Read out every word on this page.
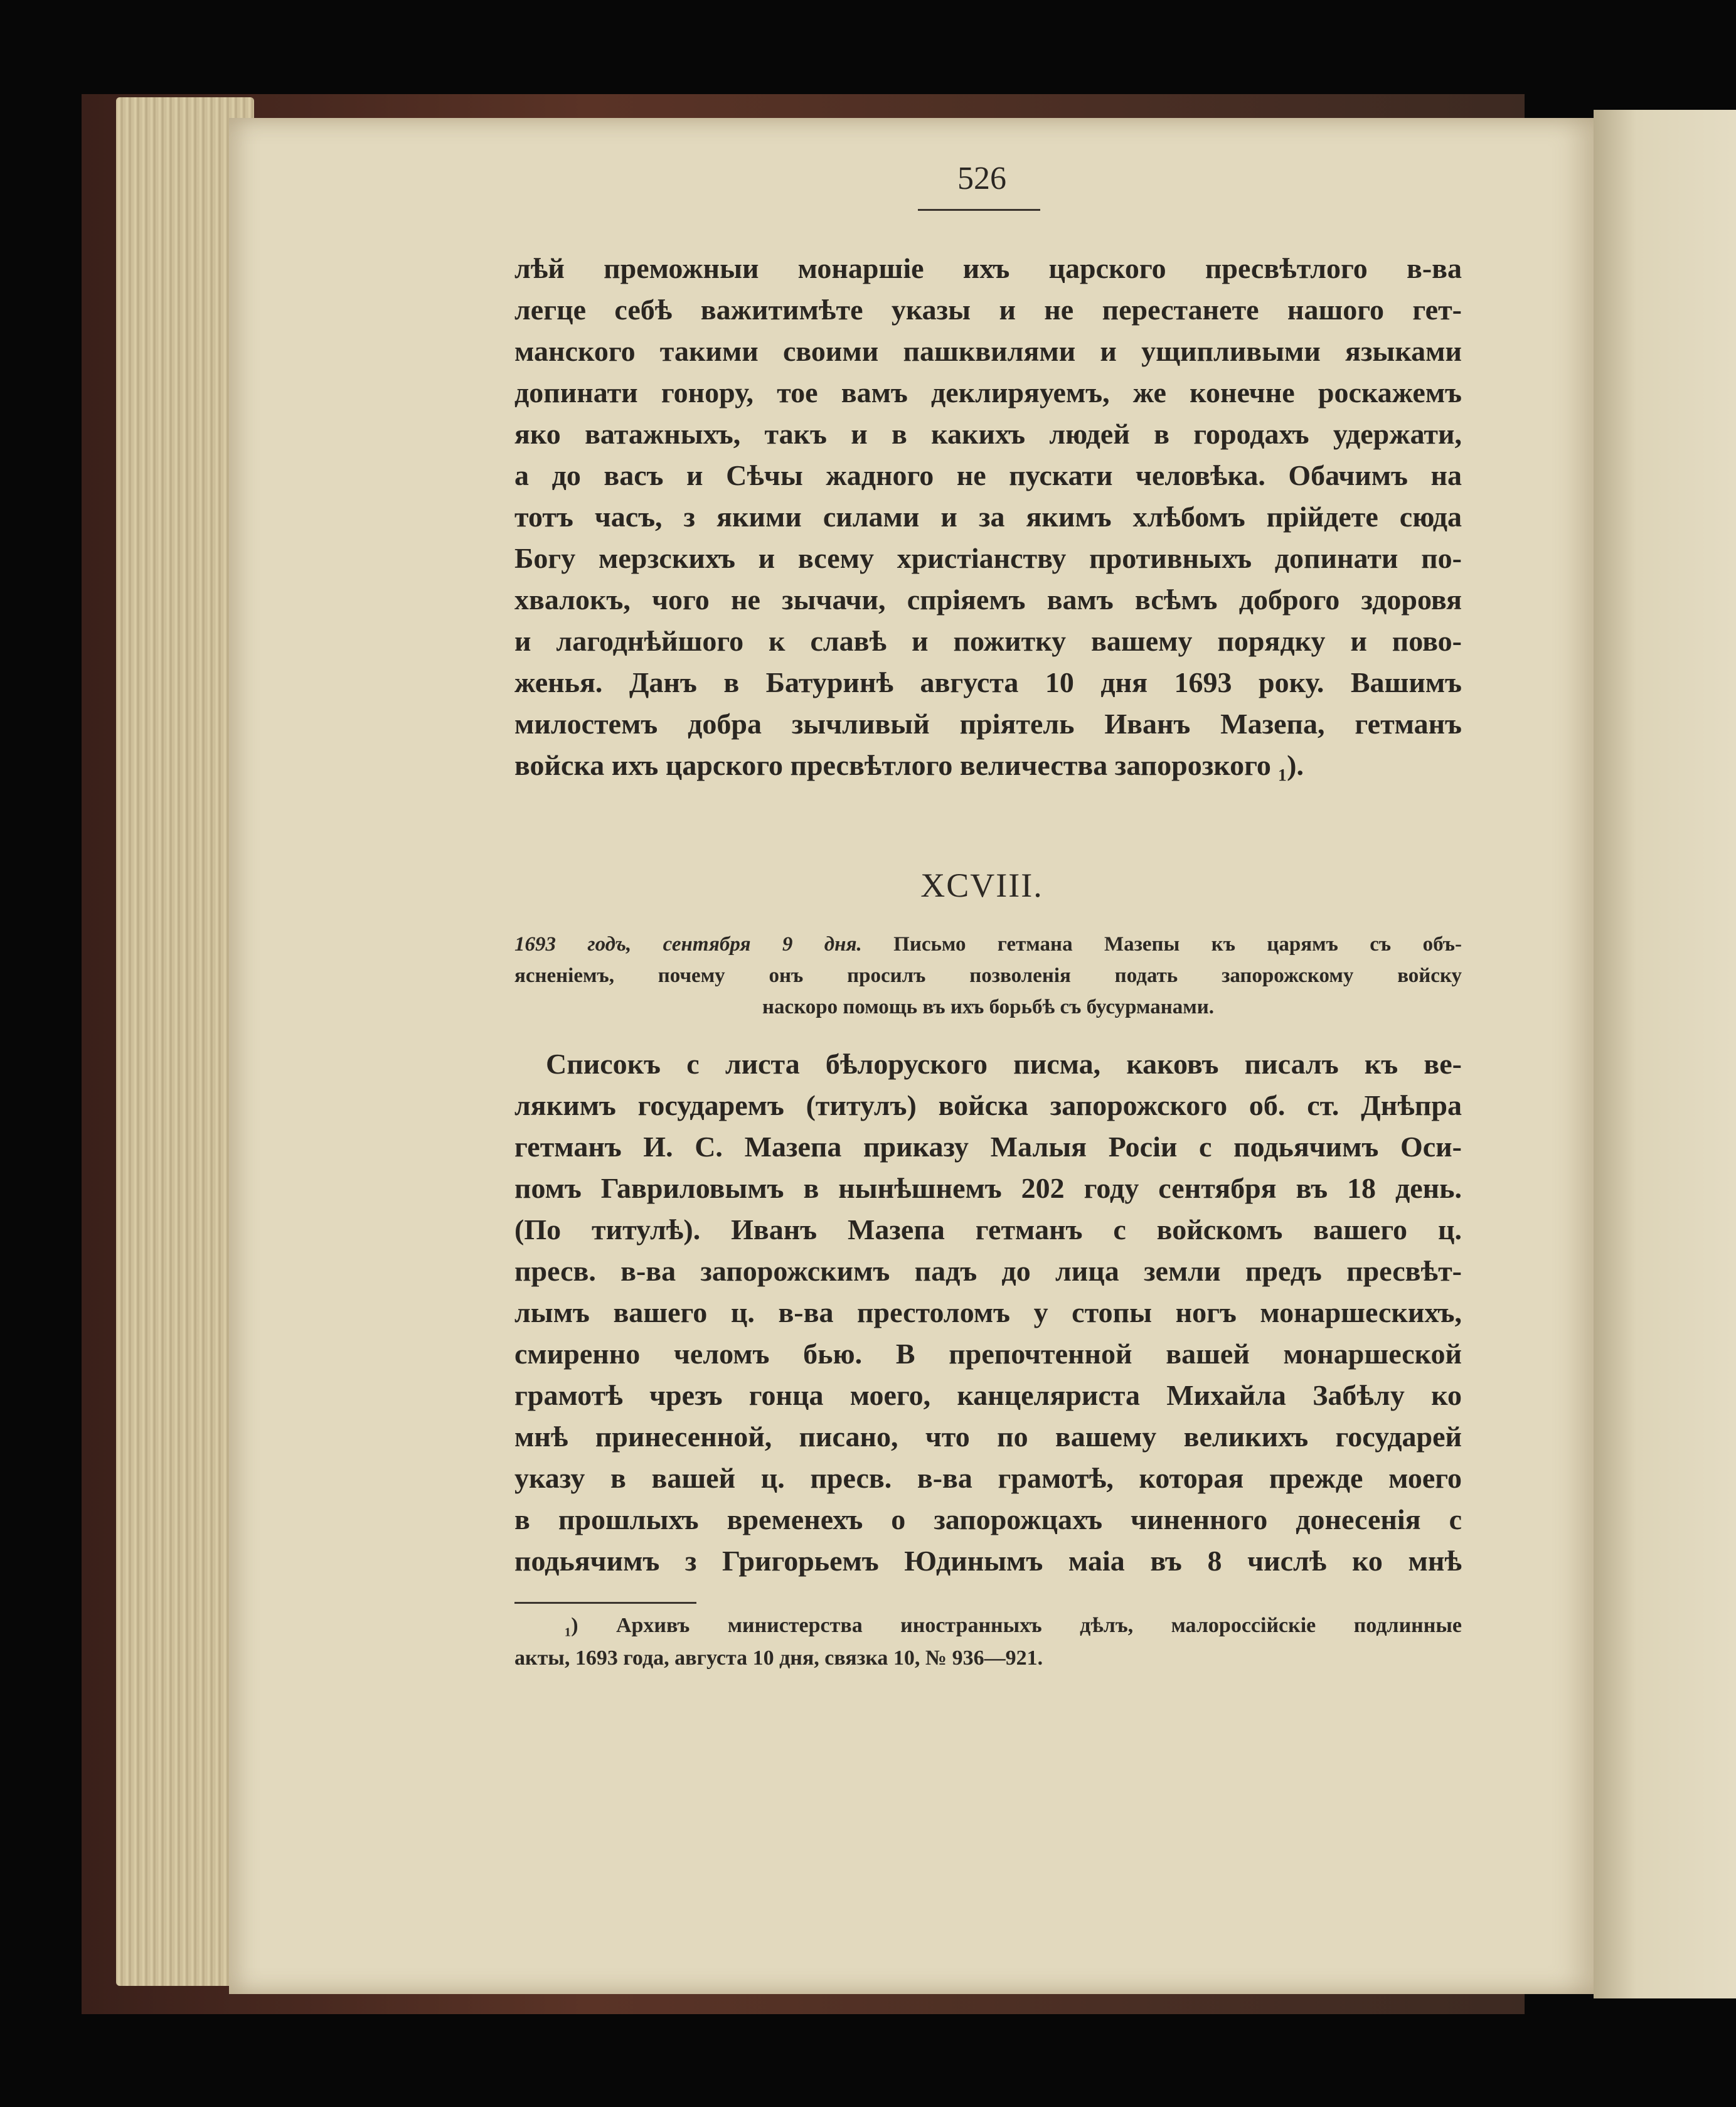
526
лѣй преможныи монаршіе ихъ царского пресвѣтлого в-ва
легце себѣ важитимѣте указы и не перестанете нашого гет-
манского такими своими пашквилями и ущипливыми языками
допинати гонору, тое вамъ деклиряуемъ, же конечне роскажемъ
яко ватажныхъ, такъ и в какихъ людей в городахъ удержати,
а до васъ и Сѣчы жадного не пускати человѣка. Обачимъ на
тотъ часъ, з якими силами и за якимъ хлѣбомъ прійдете сюда
Богу мерзскихъ и всему христіанству противныхъ допинати по-
хвалокъ, чого не зычачи, спріяемъ вамъ всѣмъ доброго здоровя
и лагоднѣйшого к славѣ и пожитку вашему порядку и пово-
женья. Данъ в Батуринѣ августа 10 дня 1693 року. Вашимъ
милостемъ добра зычливый пріятель Иванъ Мазепа, гетманъ
войска ихъ царского пресвѣтлого величества запорозкого ₁).
XCVIII.
1693 годъ, сентября 9 дня. Письмо гетмана Мазепы къ царямъ съ объ-
ясненіемъ, почему онъ просилъ позволенія подать запорожскому войску
наскоро помощь въ ихъ борьбѣ съ бусурманами.
Списокъ с листа бѣлоруского писма, каковъ писалъ къ ве-
лякимъ государемъ (титулъ) войска запорожского об. ст. Днѣпра
гетманъ И. С. Мазепа приказу Малыя Росіи с подьячимъ Оси-
помъ Гавриловымъ в нынѣшнемъ 202 году сентября въ 18 день.
(По титулѣ). Иванъ Мазепа гетманъ с войскомъ вашего ц.
пресв. в-ва запорожскимъ падъ до лица земли предъ пресвѣт-
лымъ вашего ц. в-ва престоломъ у стопы ногъ монаршескихъ,
смиренно челомъ бью. В препочтенной вашей монаршеской
грамотѣ чрезъ гонца моего, канцеляриста Михайла Забѣлу ко
мнѣ принесенной, писано, что по вашему великихъ государей
указу в вашей ц. пресв. в-ва грамотѣ, которая прежде моего
в прошлыхъ временехъ о запорожцахъ чиненного донесенія с
подьячимъ з Григорьемъ Юдинымъ маіа въ 8 числѣ ко мнѣ
₁) Архивъ министерства иностранныхъ дѣлъ, малороссійскіе подлинные
акты, 1693 года, августа 10 дня, связка 10, № 936—921.
